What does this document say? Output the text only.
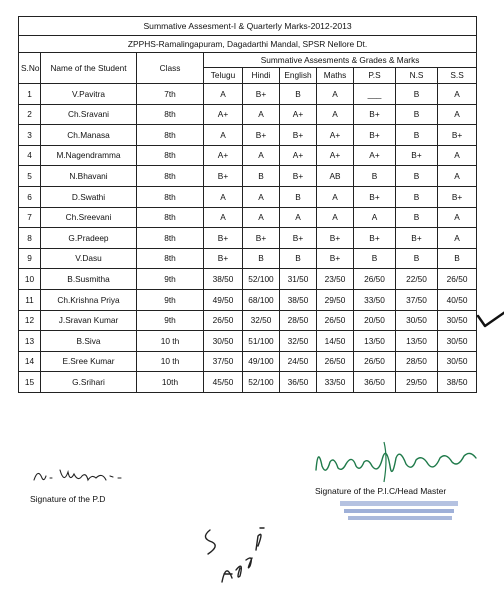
Summative Assesment-I & Quarterly Marks-2012-2013									
ZPPHS-Ramalingapuram, Dagadarthi Mandal, SPSR Nellore Dt.									
S.No	Name of the Student	Class	Summative Assesments & Grades & Marks						
			Telugu	Hindi	English	Maths	P.S	N.S	S.S
1	V.Pavitra	7th	A	B+	B	A	___	B	A
2	Ch.Sravani	8th	A+	A	A+	A	B+	B	A
3	Ch.Manasa	8th	A	B+	B+	A+	B+	B	B+
4	M.Nagendramma	8th	A+	A	A+	A+	A+	B+	A
5	N.Bhavani	8th	B+	B	B+	AB	B	B	A
6	D.Swathi	8th	A	A	B	A	B+	B	B+
7	Ch.Sreevani	8th	A	A	A	A	A	B	A
8	G.Pradeep	8th	B+	B+	B+	B+	B+	B+	A
9	V.Dasu	8th	B+	B	B	B+	B	B	B
10	B.Susmitha	9th	38/50	52/100	31/50	23/50	26/50	22/50	26/50
11	Ch.Krishna Priya	9th	49/50	68/100	38/50	29/50	33/50	37/50	40/50
12	J.Sravan Kumar	9th	26/50	32/50	28/50	26/50	20/50	30/50	30/50
13	B.Siva	10 th	30/50	51/100	32/50	14/50	13/50	13/50	30/50
14	E.Sree Kumar	10 th	37/50	49/100	24/50	26/50	26/50	28/50	30/50
15	G.Srihari	10th	45/50	52/100	36/50	33/50	36/50	29/50	38/50
Signature of the P.D
Signature of the P.I.C/Head Master
